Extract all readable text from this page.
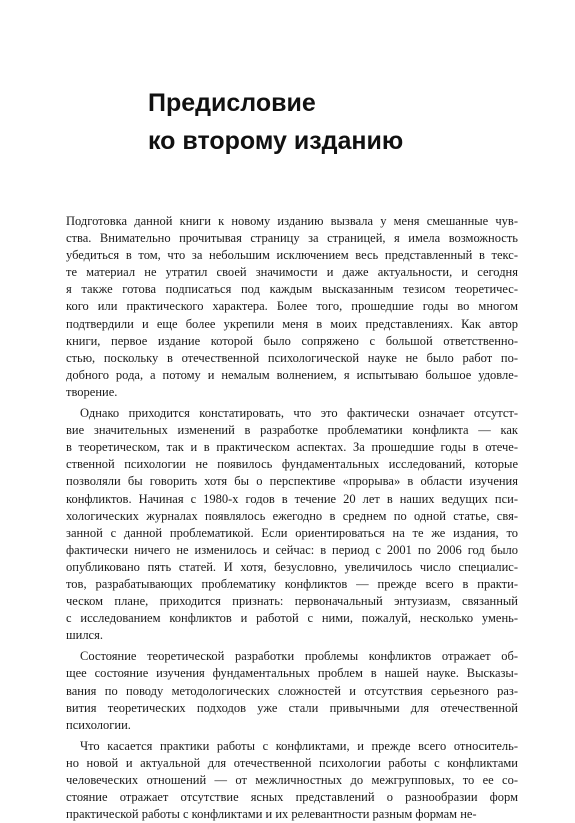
Предисловие
ко второму изданию
Подготовка данной книги к новому изданию вызвала у меня смешанные чув-
ства. Внимательно прочитывая страницу за страницей, я имела возможность
убедиться в том, что за небольшим исключением весь представленный в текс-
те материал не утратил своей значимости и даже актуальности, и сегодня
я также готова подписаться под каждым высказанным тезисом теоретичес-
кого или практического характера. Более того, прошедшие годы во многом
подтвердили и еще более укрепили меня в моих представлениях. Как автор
книги, первое издание которой было сопряжено с большой ответственно-
стью, поскольку в отечественной психологической науке не было работ по-
добного рода, а потому и немалым волнением, я испытываю большое удовле-
творение.
Однако приходится констатировать, что это фактически означает отсутст-
вие значительных изменений в разработке проблематики конфликта — как
в теоретическом, так и в практическом аспектах. За прошедшие годы в отече-
ственной психологии не появилось фундаментальных исследований, которые
позволяли бы говорить хотя бы о перспективе «прорыва» в области изучения
конфликтов. Начиная с 1980-х годов в течение 20 лет в наших ведущих пси-
хологических журналах появлялось ежегодно в среднем по одной статье, свя-
занной с данной проблематикой. Если ориентироваться на те же издания, то
фактически ничего не изменилось и сейчас: в период с 2001 по 2006 год было
опубликовано пять статей. И хотя, безусловно, увеличилось число специалис-
тов, разрабатывающих проблематику конфликтов — прежде всего в практи-
ческом плане, приходится признать: первоначальный энтузиазм, связанный
с исследованием конфликтов и работой с ними, пожалуй, несколько умень-
шился.
Состояние теоретической разработки проблемы конфликтов отражает об-
щее состояние изучения фундаментальных проблем в нашей науке. Высказы-
вания по поводу методологических сложностей и отсутствия серьезного раз-
вития теоретических подходов уже стали привычными для отечественной
психологии.
Что касается практики работы с конфликтами, и прежде всего относитель-
но новой и актуальной для отечественной психологии работы с конфликтами
человеческих отношений — от межличностных до межгрупповых, то ее со-
стояние отражает отсутствие ясных представлений о разнообразии форм
практической работы с конфликтами и их релевантности разным формам не-
